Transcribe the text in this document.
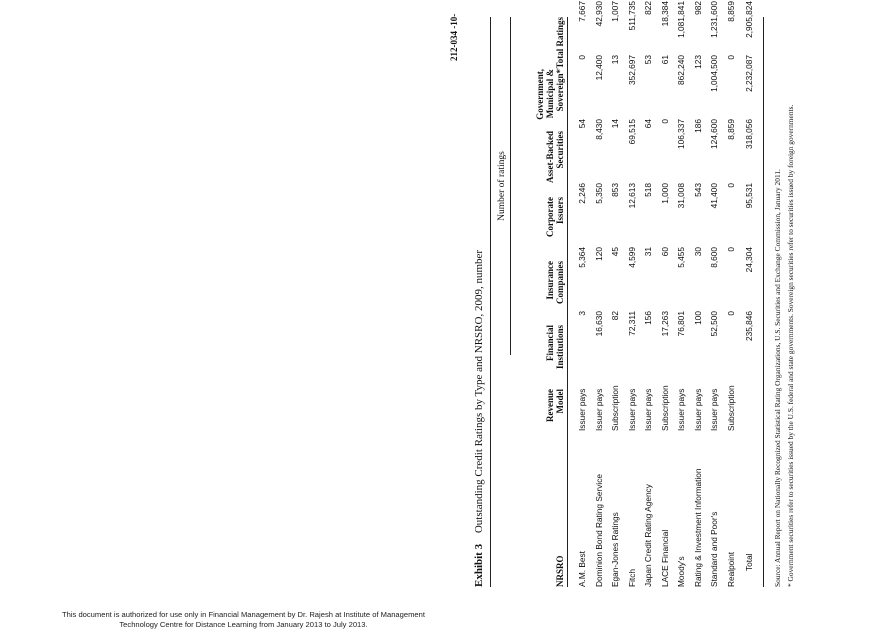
212-034 -10-
Exhibit 3 Outstanding Credit Ratings by Type and NRSRO, 2009, number
Number of ratings
NRSRO
Revenue Model
Financial Institutions
Insurance Companies
Corporate Issuers
Asset-Backed Securities
Government, Municipal & Sovereign*
Total Ratings
A.M. Best	Issuer pays	3	5,364	2,246	54	0	7,667
Dominion Bond Rating Service	Issuer pays	16,630	120	5,350	8,430	12,400	42,930
Egan-Jones Ratings	Subscription	82	45	853	14	13	1,007
Fitch	Issuer pays	72,311	4,599	12,613	69,515	352,697	511,735
Japan Credit Rating Agency	Issuer pays	156	31	518	64	53	822
LACE Financial	Subscription	17,263	60	1,000	0	61	18,384
Moody's	Issuer pays	76,801	5,455	31,008	106,337	862,240	1,081,841
Rating & Investment Information	Issuer pays	100	30	543	186	123	982
Standard and Poor's	Issuer pays	52,500	8,600	41,400	124,600	1,004,500	1,231,600
Realpoint	Subscription	0	0	0	8,859	0	8,859
Total		235,846	24,304	95,531	318,056	2,232,087	2,905,824
Source: Annual Report on Nationally Recognized Statistical Rating Organizations, U.S. Securities and Exchange Commission, January 2011. * Government securities refer to securities issued by the U.S. federal and state governments. Sovereign securities refer to securities issued by foreign governments.
This document is authorized for use only in Financial Management by Dr. Rajesh at Institute of Management
Technology Centre for Distance Learning from January 2013 to July 2013.
